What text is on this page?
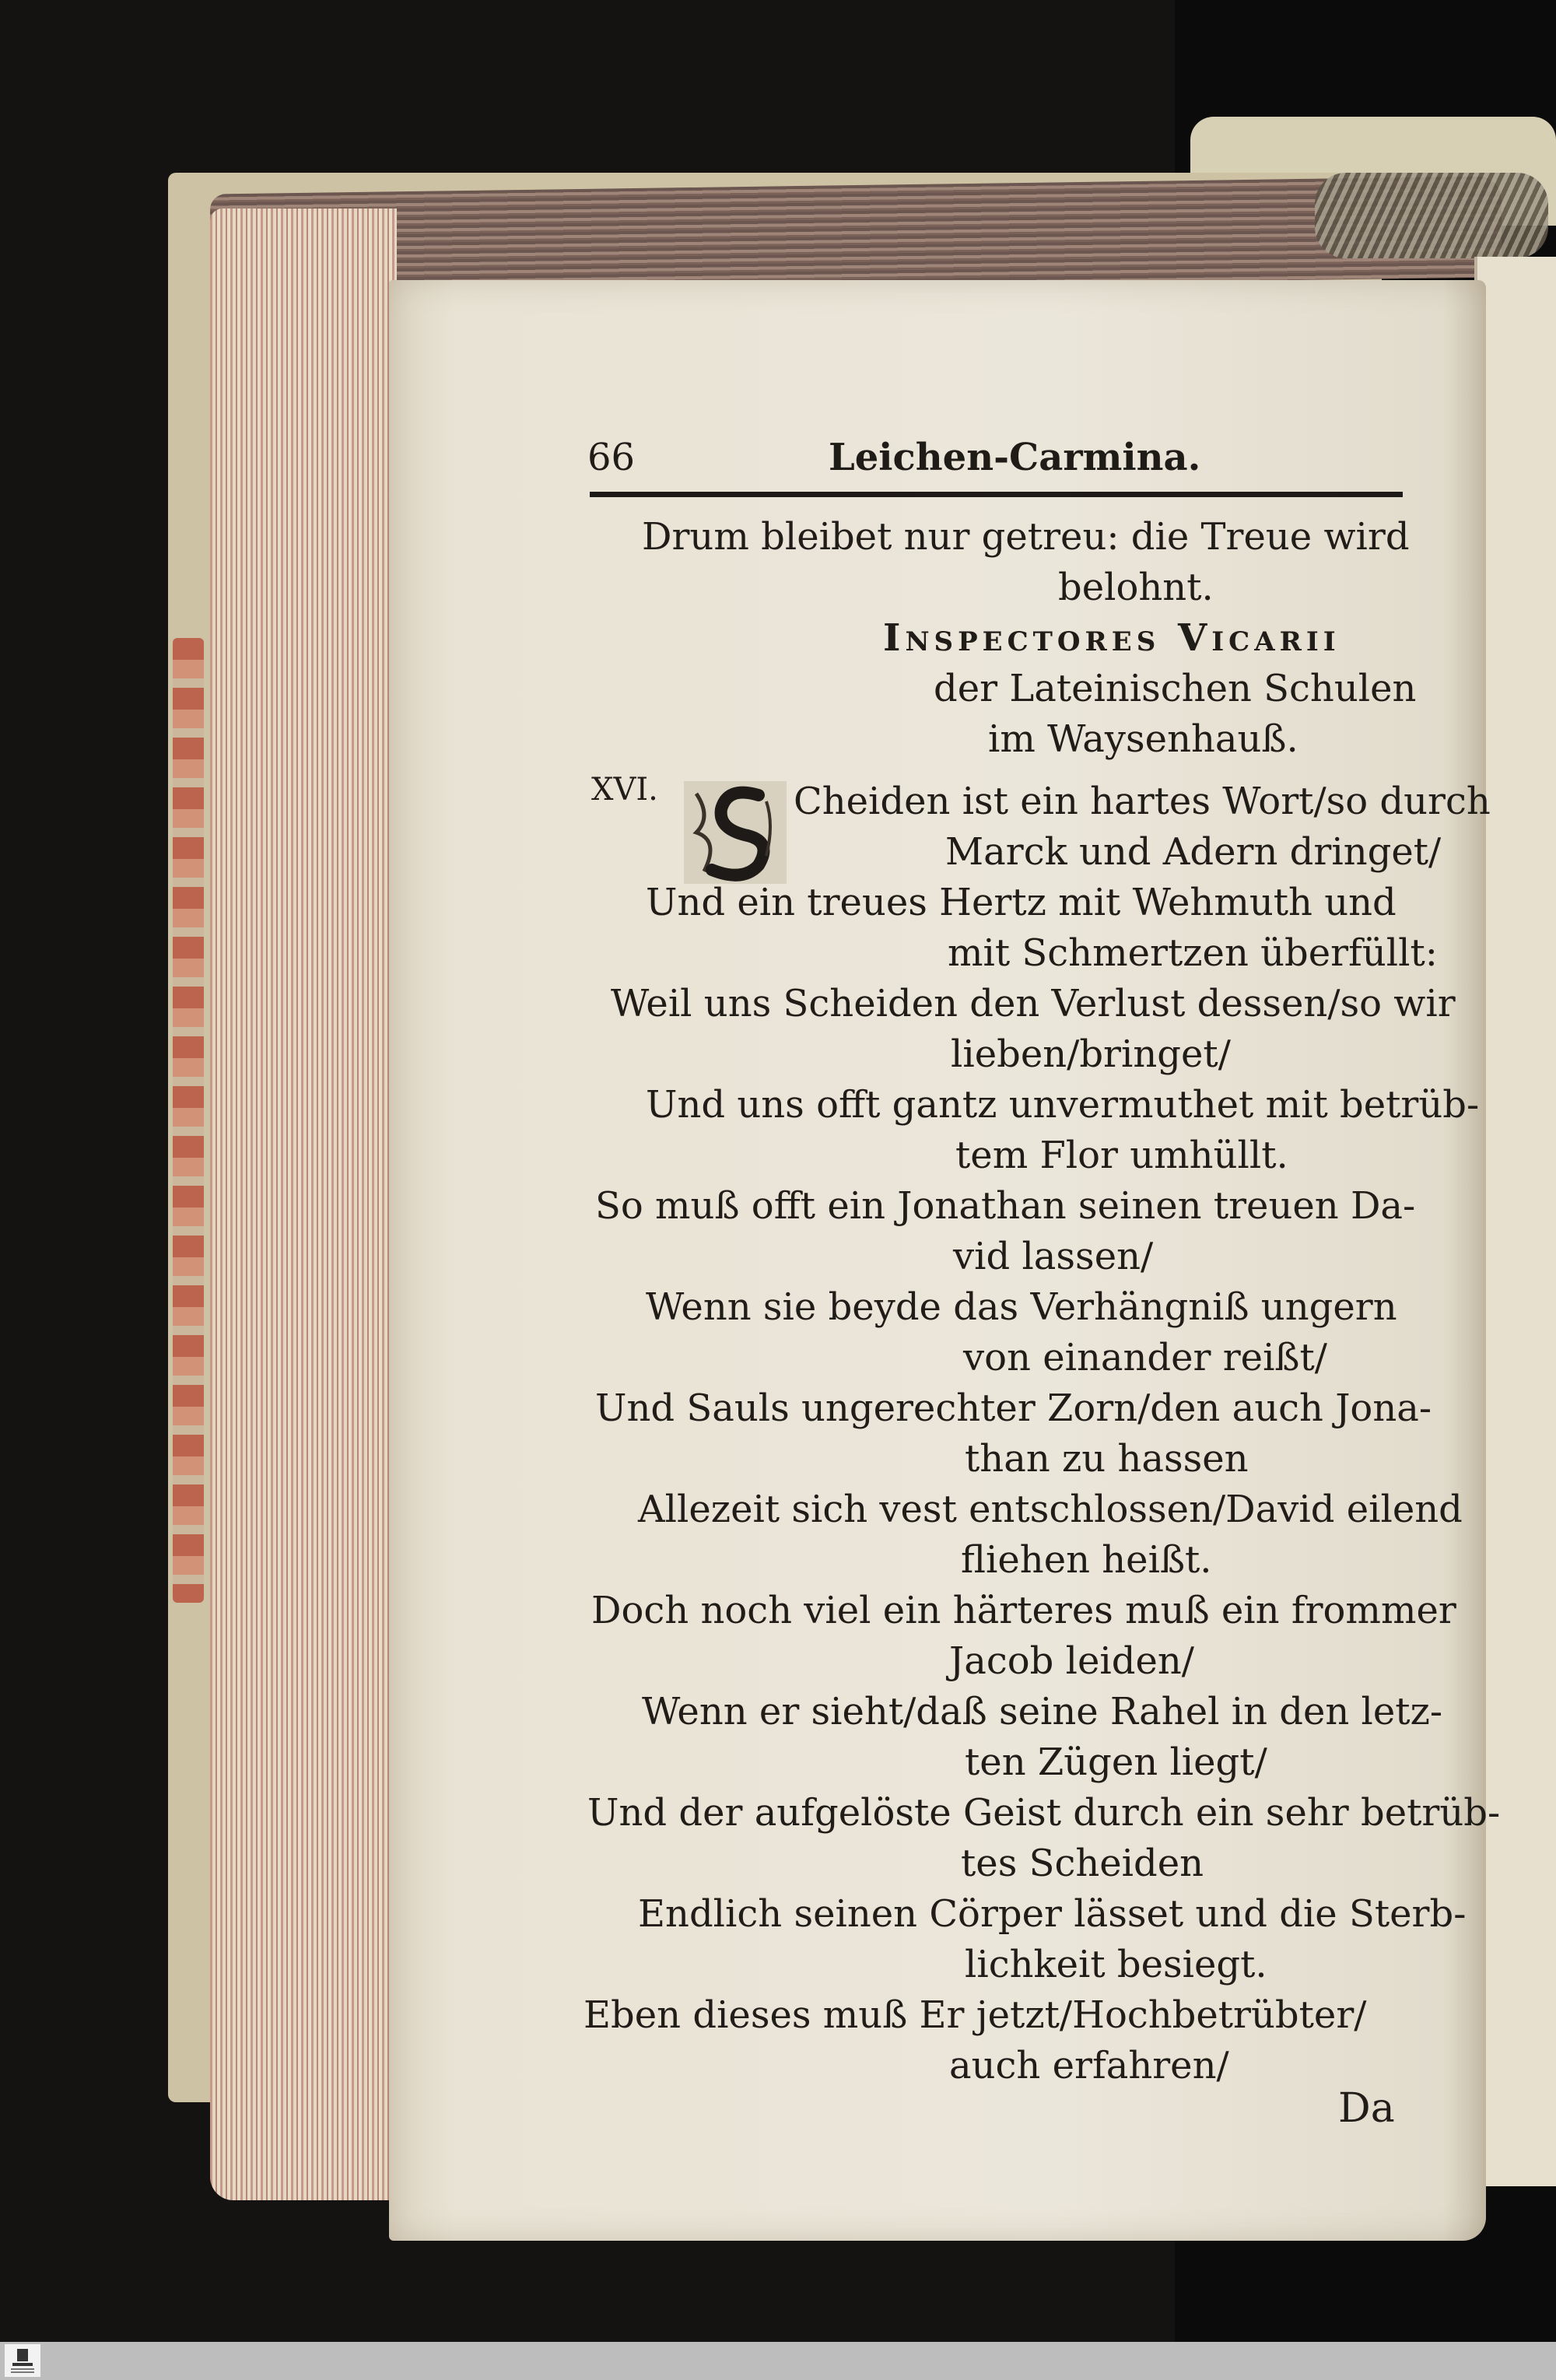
66	Leichen-Carmina.
Drum bleibet nur getreu: die Treue wird
belohnt.
Inspectores Vicarii
der Lateinischen Schulen
im Waysenhauß.
XVI.	Cheiden ist ein hartes Wort/so durch
Marck und Adern dringet/
Und ein treues Hertz mit Wehmuth und
mit Schmertzen überfüllt:
Weil uns Scheiden den Verlust dessen/so wir
lieben/bringet/
Und uns offt gantz unvermuthet mit betrüb-
tem Flor umhüllt.
So muß offt ein Jonathan seinen treuen Da-
vid lassen/
Wenn sie beyde das Verhängniß ungern
von einander reißt/
Und Sauls ungerechter Zorn/den auch Jona-
than zu hassen
Allezeit sich vest entschlossen/David eilend
fliehen heißt.
Doch noch viel ein härteres muß ein frommer
Jacob leiden/
Wenn er sieht/daß seine Rahel in den letz-
ten Zügen liegt/
Und der aufgelöste Geist durch ein sehr betrüb-
tes Scheiden
Endlich seinen Cörper lässet und die Sterb-
lichkeit besiegt.
Eben dieses muß Er jetzt/Hochbetrübter/
auch erfahren/
Da
